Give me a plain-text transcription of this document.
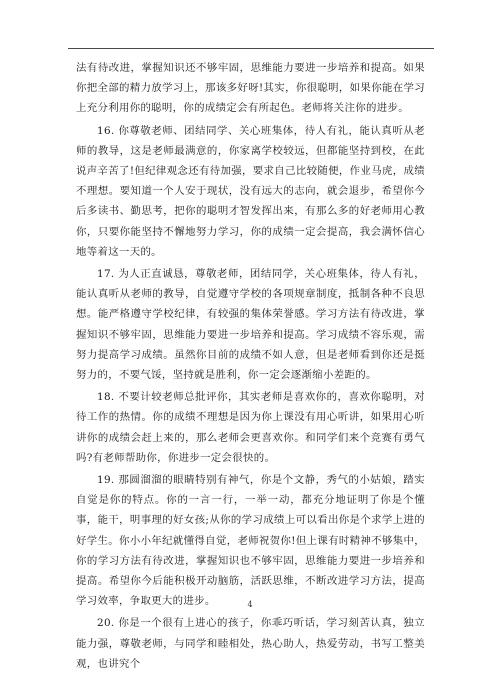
法有待改进，掌握知识还不够牢固，思维能力要进一步培养和提高。如果你把全部的精力放学习上，那该多好呀!其实，你很聪明，如果你能在学习上充分利用你的聪明，你的成绩定会有所起色。老师将关注你的进步。

16. 你尊敬老师、团结同学、关心班集体，待人有礼，能认真听从老师的教导，这是老师最满意的，你家离学校较远，但都能坚持到校，在此说声辛苦了!但纪律观念还有待加强，要求自己比较随便，作业马虎，成绩不理想。要知道一个人安于现状，没有远大的志向，就会退步，希望你今后多读书、勤思考，把你的聪明才智发挥出来，有那么多的好老师用心教你，只要你能坚持不懈地努力学习，你的成绩一定会提高，我会满怀信心地等着这一天的。

17. 为人正直诚恳，尊敬老师，团结同学，关心班集体，待人有礼，能认真听从老师的教导，自觉遵守学校的各项规章制度，抵制各种不良思想。能严格遵守学校纪律，有较强的集体荣誉感。学习方法有待改进，掌握知识不够牢固，思维能力要进一步培养和提高。学习成绩不容乐观，需努力提高学习成绩。虽然你目前的成绩不如人意，但是老师看到你还是挺努力的，不要气馁，坚持就是胜利，你一定会逐渐缩小差距的。

18. 不要计较老师总批评你，其实老师是喜欢你的，喜欢你聪明，对待工作的热情。你的成绩不理想是因为你上课没有用心听讲，如果用心听讲你的成绩会赶上来的，那么老师会更喜欢你。和同学们来个竞赛有勇气吗?有老师帮助你，你进步一定会很快的。

19. 那圆溜溜的眼睛特别有神气，你是个文静，秀气的小姑娘，踏实自觉是你的特点。你的一言一行，一举一动，都充分地证明了你是个懂事，能干，明事理的好女孩;从你的学习成绩上可以看出你是个求学上进的好学生。你小小年纪就懂得自觉，老师祝贺你!但上课有时精神不够集中，你的学习方法有待改进，掌握知识也不够牢固，思维能力要进一步培养和提高。希望你今后能积极开动脑筋，活跃思维，不断改进学习方法，提高学习效率，争取更大的进步。

20. 你是一个很有上进心的孩子，你乖巧听话，学习刻苦认真，独立能力强，尊敬老师，与同学和睦相处，热心助人，热爱劳动，书写工整美观，也讲究个

4
